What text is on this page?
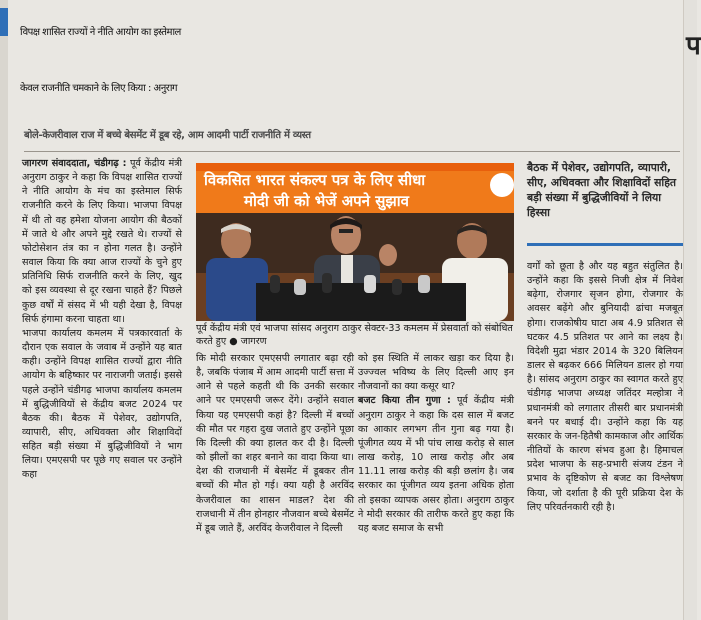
प
विपक्ष शासित राज्यों ने नीति आयोग का इस्तेमाल
केवल राजनीति चमकाने के लिए किया : अनुराग
बोले-केजरीवाल राज में बच्चे बेसमेंट में डूब रहे, आम आदमी पार्टी राजनीति में व्यस्त

जागरण संवाददाता, चंडीगढ़ : पूर्व केंद्रीय मंत्री अनुराग ठाकुर ने कहा कि विपक्ष शासित राज्यों ने नीति आयोग के मंच का इस्तेमाल सिर्फ राजनीति करने के लिए किया। भाजपा विपक्ष में थी तो वह हमेशा योजना आयोग की बैठकों में जाते थे और अपने मुद्दे रखते थे। राज्यों से फोटोसेशन तंत्र का न होना गलत है। उन्होंने सवाल किया कि क्या आज राज्यों के चुने हुए प्रतिनिधि सिर्फ राजनीति करने के लिए, खुद को इस व्यवस्था से दूर रखना चाहते हैं? पिछले कुछ वर्षों में संसद में भी यही देखा है, विपक्ष सिर्फ हंगामा करना चाहता था।

भाजपा कार्यालय कमलम में पत्रकारवार्ता के दौरान एक सवाल के जवाब में उन्होंने यह बात कही। उन्होंने विपक्ष शासित राज्यों द्वारा नीति आयोग के बहिष्कार पर नाराजगी जताई। इससे पहले उन्होंने चंडीगढ़ भाजपा कार्यालय कमलम में बुद्धिजीवियों से केंद्रीय बजट 2024 पर बैठक की। बैठक में पेशेवर, उद्योगपति, व्यापारी, सीए, अधिवक्ता और शिक्षाविदों सहित बड़ी संख्या में बुद्धिजीवियों ने भाग लिया। एमएसपी पर पूछे गए सवाल पर उन्होंने कहा

विकसित भारत संकल्प पत्र के लिए सीधा
मोदी जी को भेजें अपने सुझाव
पूर्व केंद्रीय मंत्री एवं भाजपा सांसद अनुराग ठाकुर सेक्टर-33 कमलम में प्रेसवार्ता को संबोधित करते हुए ● जागरण

कि मोदी सरकार एमएसपी लगातार बढ़ा रही है, जबकि पंजाब में आम आदमी पार्टी सत्ता में आने से पहले कहती थी कि उनकी सरकार आने पर एमएसपी जरूर देंगे। उन्होंने सवाल किया यह एमएसपी कहां है? दिल्ली में बच्चों की मौत पर गहरा दुख जताते हुए उन्होंने पूछा कि दिल्ली की क्या हालत कर दी है। दिल्ली को झीलों का शहर बनाने का वादा किया था। देश की राजधानी में बेसमेंट में डूबकर तीन बच्चों की मौत हो गई। क्या यही है अरविंद केजरीवाल का शासन माडल? देश की राजधानी में तीन होनहार नौजवान बच्चे बेसमेंट में डूब जाते हैं, अरविंद केजरीवाल ने दिल्ली

को इस स्थिति में लाकर खड़ा कर दिया है। उज्ज्वल भविष्य के लिए दिल्ली आए इन नौजवानों का क्या कसूर था?

बजट किया तीन गुणा : पूर्व केंद्रीय मंत्री अनुराग ठाकुर ने कहा कि दस साल में बजट का आकार लगभग तीन गुना बढ़ गया है। पूंजीगत व्यय में भी पांच लाख करोड़ से साल लाख करोड़, 10 लाख करोड़ और अब 11.11 लाख करोड़ की बड़ी छलांग है। जब सरकार का पूंजीगत व्यय इतना अधिक होता तो इसका व्यापक असर होता। अनुराग ठाकुर ने मोदी सरकार की तारीफ करते हुए कहा कि यह बजट समाज के सभी

बैठक में पेशेवर, उद्योगपति, व्यापारी, सीए, अधिवक्ता और शिक्षाविदों सहित बड़ी संख्या में बुद्धिजीवियों ने लिया हिस्सा

वर्गों को छूता है और यह बहुत संतुलित है। उन्होंने कहा कि इससे निजी क्षेत्र में निवेश बढ़ेगा, रोजगार सृजन होगा, रोजगार के अवसर बढ़ेंगे और बुनियादी ढांचा मजबूत होगा। राजकोषीय घाटा अब 4.9 प्रतिशत से घटकर 4.5 प्रतिशत पर आने का लक्ष्य है। विदेशी मुद्रा भंडार 2014 के 320 बिलियन डालर से बढ़कर 666 मिलियन डालर हो गया है। सांसद अनुराग ठाकुर का स्वागत करते हुए चंडीगढ़ भाजपा अध्यक्ष जतिंदर मल्होत्रा ने प्रधानमंत्री को लगातार तीसरी बार प्रधानमंत्री बनने पर बधाई दी। उन्होंने कहा कि यह सरकार के जन-हितैषी कामकाज और आर्थिक नीतियों के कारण संभव हुआ है। हिमाचल प्रदेश भाजपा के सह-प्रभारी संजय टंडन ने प्रभाव के दृष्टिकोण से बजट का विश्लेषण किया, जो दर्शाता है की पूरी प्रक्रिया देश के लिए परिवर्तनकारी रही है।
